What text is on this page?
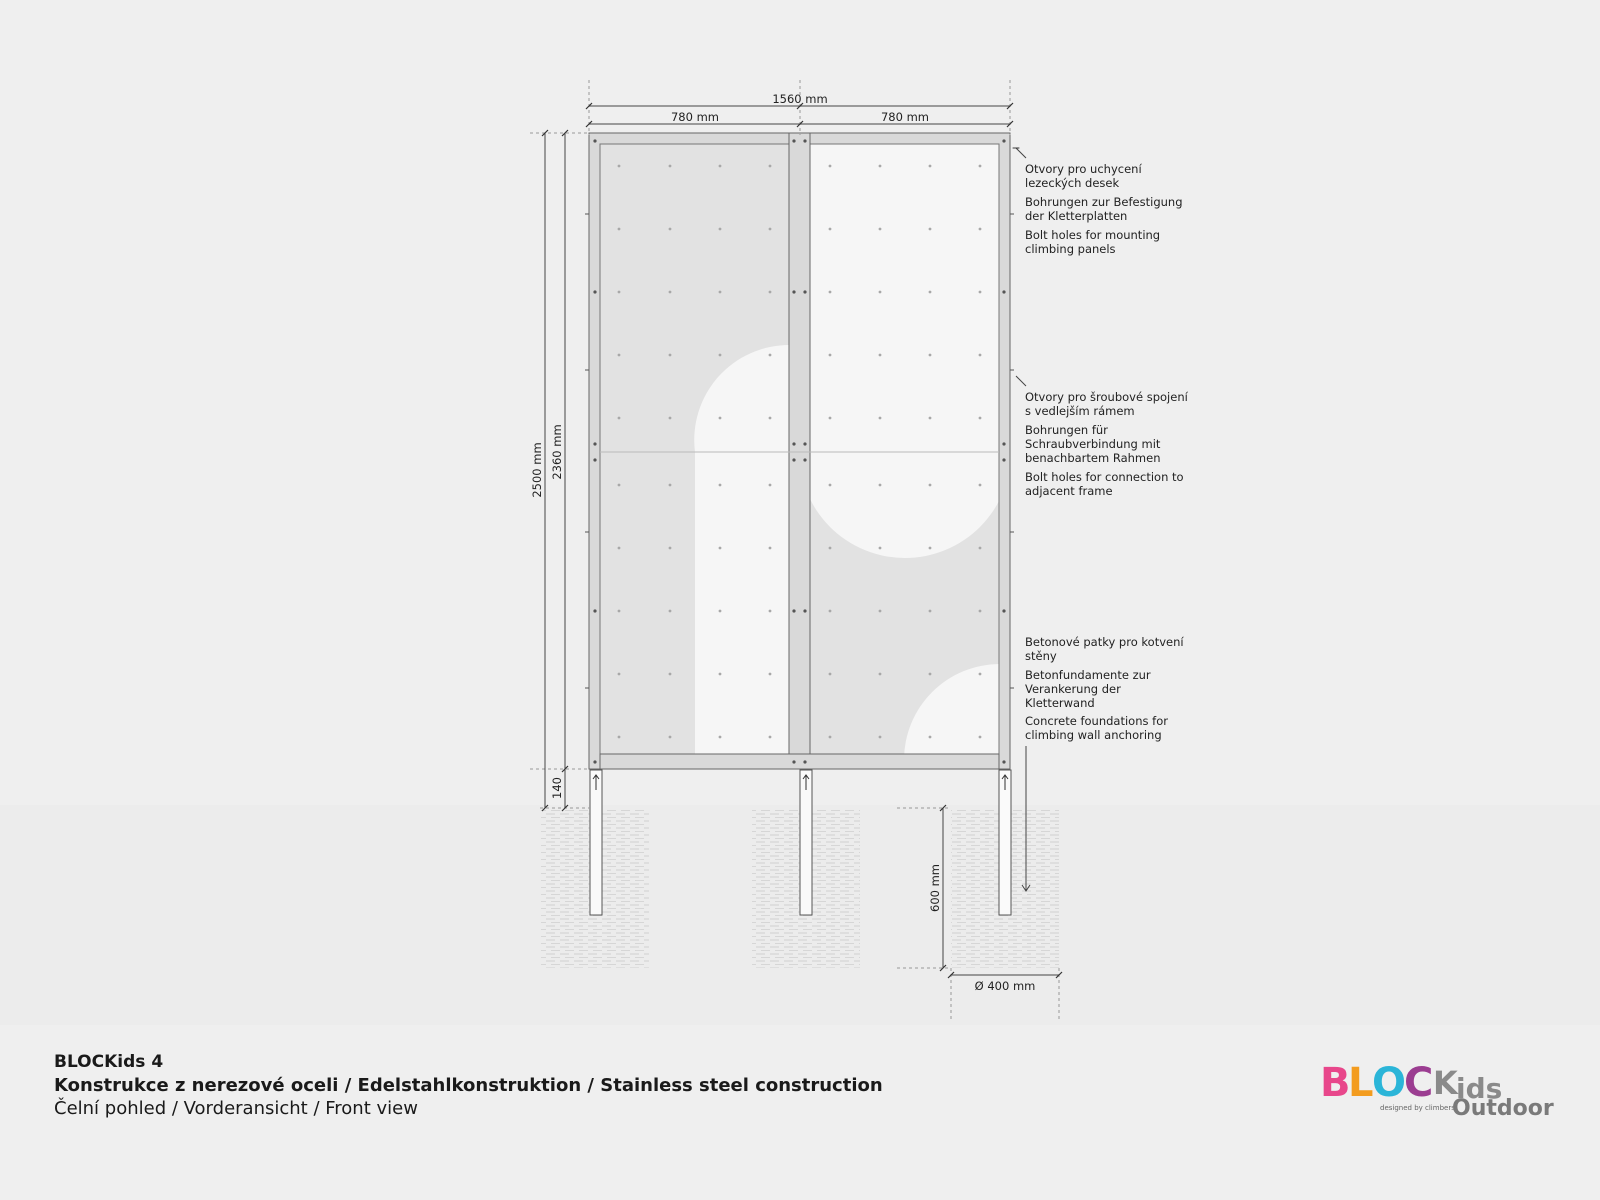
1560 mm
780 mm	780 mm
2500 mm 2360 mm
140
600 mm
Ø 400 mm
Otvory pro uchycení
lezeckých desek
Bohrungen zur Befestigung
der Kletterplatten
Bolt holes for mounting
climbing panels
Otvory pro šroubové spojení
s vedlejším rámem
Bohrungen für
Schraubverbindung mit
benachbartem Rahmen
Bolt holes for connection to
adjacent frame
Betonové patky pro kotvení
stěny
Betonfundamente zur
Verankerung der
Kletterwand
Concrete foundations for
climbing wall anchoring
BLOCKids 4
Konstrukce z nerezové oceli / Edelstahlkonstruktion / Stainless steel construction
Čelní pohled / Vorderansicht / Front view
B
L
O
C K
ids
designed by climbers
Outdoor
